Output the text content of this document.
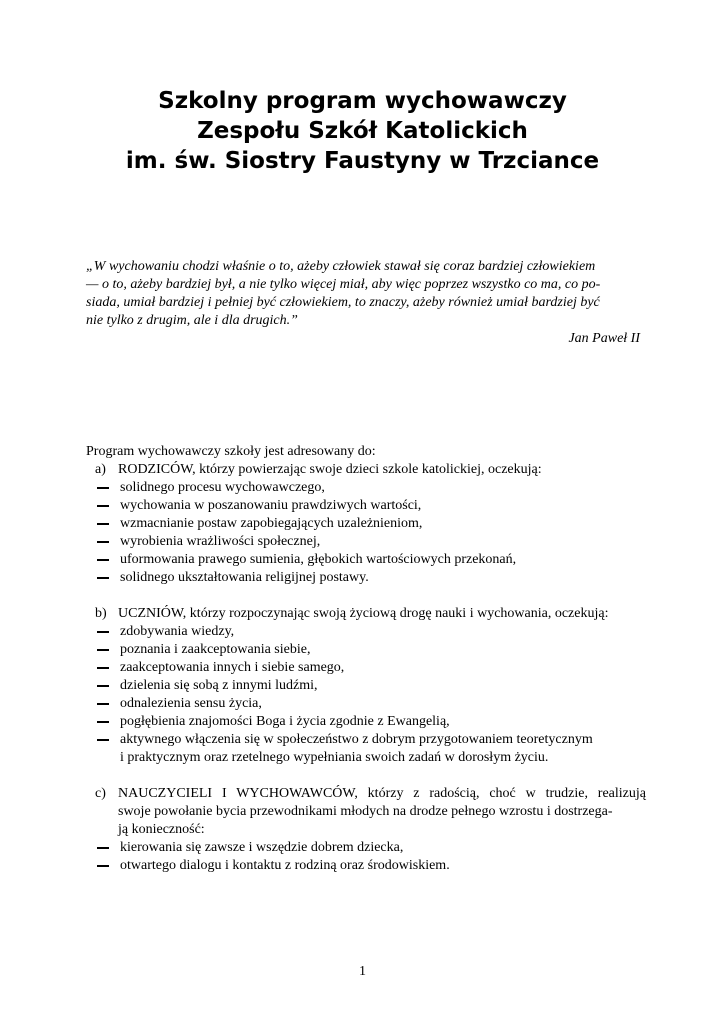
Szkolny program wychowawczy
Zespołu Szkół Katolickich
im. św. Siostry Faustyny w Trzciance

„W wychowaniu chodzi właśnie o to, ażeby człowiek stawał się coraz bardziej człowiekiem
— o to, ażeby bardziej był, a nie tylko więcej miał, aby więc poprzez wszystko co ma, co po-
siada, umiał bardziej i pełniej być człowiekiem, to znaczy, ażeby również umiał bardziej być
nie tylko z drugim, ale i dla drugich.”

Jan Paweł II

Program wychowawczy szkoły jest adresowany do:

a) RODZICÓW, którzy powierzając swoje dzieci szkole katolickiej, oczekują:
solidnego procesu wychowawczego,
wychowania w poszanowaniu prawdziwych wartości,
wzmacnianie postaw zapobiegających uzależnieniom,
wyrobienia wrażliwości społecznej,
uformowania prawego sumienia, głębokich wartościowych przekonań,
solidnego ukształtowania religijnej postawy.
b) UCZNIÓW, którzy rozpoczynając swoją życiową drogę nauki i wychowania, oczekują:
zdobywania wiedzy,
poznania i zaakceptowania siebie,
zaakceptowania innych i siebie samego,
dzielenia się sobą z innymi ludźmi,
odnalezienia sensu życia,
pogłębienia znajomości Boga i życia zgodnie z Ewangelią,
aktywnego włączenia się w społeczeństwo z dobrym przygotowaniem teoretycznym
i praktycznym oraz rzetelnego wypełniania swoich zadań w dorosłym życiu.
c) NAUCZYCIELI I WYCHOWAWCÓW, którzy z radością, choć w trudzie, realizują
swoje powołanie bycia przewodnikami młodych na drodze pełnego wzrostu i dostrzega-
ją konieczność:
kierowania się zawsze i wszędzie dobrem dziecka,
otwartego dialogu i kontaktu z rodziną oraz środowiskiem.
1
